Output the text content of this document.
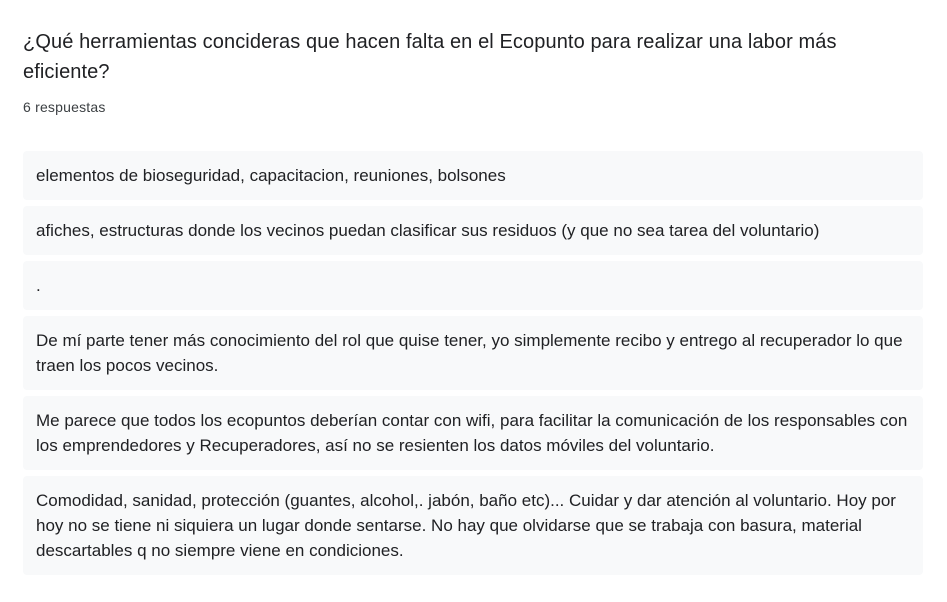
¿Qué herramientas concideras que hacen falta en el Ecopunto para realizar una labor más eficiente?
6 respuestas
elementos de bioseguridad, capacitacion, reuniones, bolsones
afiches, estructuras donde los vecinos puedan clasificar sus residuos (y que no sea tarea del voluntario)
.
De mí parte tener más conocimiento del rol que quise tener, yo simplemente recibo y entrego al recuperador lo que traen los pocos vecinos.
Me parece que todos los ecopuntos deberían contar con wifi, para facilitar la comunicación de los responsables con los emprendedores y Recuperadores, así no se resienten los datos móviles del voluntario.
Comodidad, sanidad, protección (guantes, alcohol,. jabón, baño etc)... Cuidar y dar atención al voluntario. Hoy por hoy no se tiene ni siquiera un lugar donde sentarse. No hay que olvidarse que se trabaja con basura, material descartables q no siempre viene en condiciones.
